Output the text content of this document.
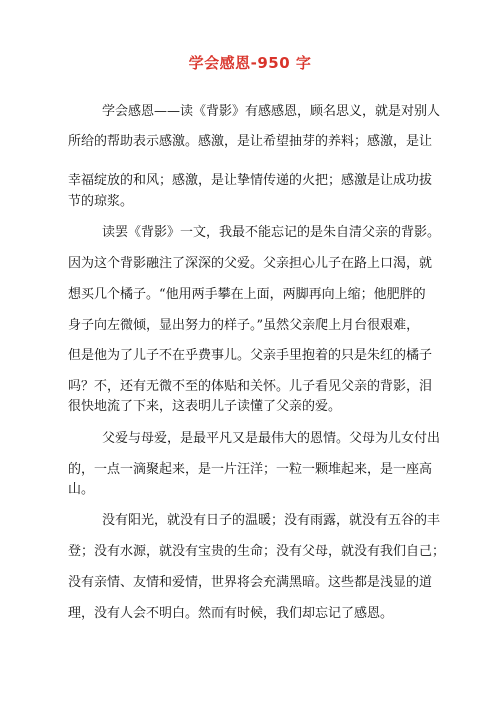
学会感恩-950 字
学会感恩——读《背影》有感感恩，顾名思义，就是对别人
所给的帮助表示感激。感激，是让希望抽芽的养料；感激，是让
幸福绽放的和风；感激，是让挚情传递的火把；感激是让成功拔
节的琼浆。
读罢《背影》一文，我最不能忘记的是朱自清父亲的背影。
因为这个背影融注了深深的父爱。父亲担心儿子在路上口渴，就
想买几个橘子。“他用两手攀在上面，两脚再向上缩；他肥胖的
身子向左微倾，显出努力的样子。”虽然父亲爬上月台很艰难，
但是他为了儿子不在乎费事儿。父亲手里抱着的只是朱红的橘子
吗？不，还有无微不至的体贴和关怀。儿子看见父亲的背影，泪
很快地流了下来，这表明儿子读懂了父亲的爱。
父爱与母爱，是最平凡又是最伟大的恩情。父母为儿女付出
的，一点一滴聚起来，是一片汪洋；一粒一颗堆起来，是一座高
山。
没有阳光，就没有日子的温暖；没有雨露，就没有五谷的丰
登；没有水源，就没有宝贵的生命；没有父母，就没有我们自己；
没有亲情、友情和爱情，世界将会充满黑暗。这些都是浅显的道
理，没有人会不明白。然而有时候，我们却忘记了感恩。
